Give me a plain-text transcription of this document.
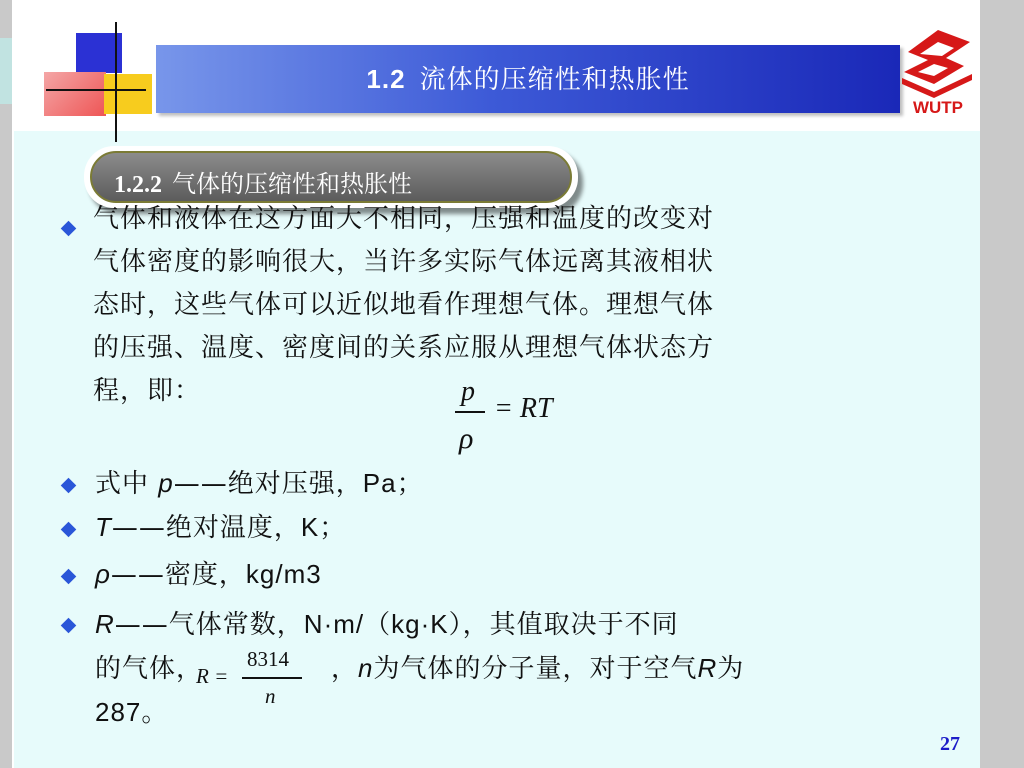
1.2 流体的压缩性和热胀性
WUTP
1.2.2 气体的压缩性和热胀性
气体和液体在这方面大不相同，压强和温度的改变对
气体密度的影响很大，当许多实际气体远离其液相状
态时，这些气体可以近似地看作理想气体。理想气体
的压强、温度、密度间的关系应服从理想气体状态方
程，即：	p
ρ
= RT
式中 p——绝对压强，Pa；
T——绝对温度，K；
ρ——密度，kg/m3
R——气体常数，N·m/（kg·K），其值取决于不同
的气体，	，n为气体的分子量，对于空气R为
287。
R =
8314
n
27
